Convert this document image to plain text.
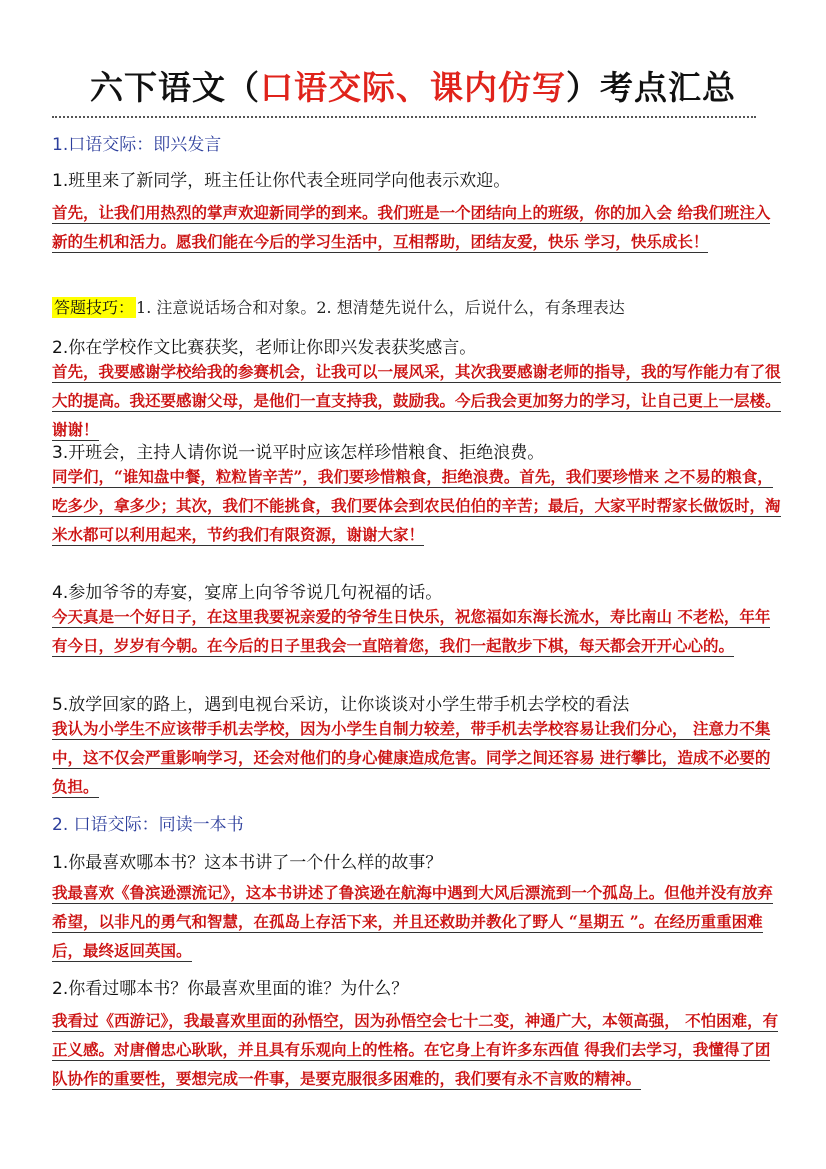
六下语文（口语交际、课内仿写）考点汇总
1.口语交际：即兴发言
1.班里来了新同学，班主任让你代表全班同学向他表示欢迎。
首先，让我们用热烈的掌声欢迎新同学的到来。我们班是一个团结向上的班级，你的加入会 给我们班注入新的生机和活力。愿我们能在今后的学习生活中，互相帮助，团结友爱，快乐 学习，快乐成长！
答题技巧： 1. 注意说话场合和对象。2. 想清楚先说什么，后说什么，有条理表达
2.你在学校作文比赛获奖，老师让你即兴发表获奖感言。
首先，我要感谢学校给我的参赛机会，让我可以一展风采，其次我要感谢老师的指导，我的写作能力有了很大的提高。我还要感谢父母，是他们一直支持我，鼓励我。今后我会更加努力的学习，让自己更上一层楼。谢谢！
3.开班会，主持人请你说一说平时应该怎样珍惜粮食、拒绝浪费。
同学们，“谁知盘中餐，粒粒皆辛苦”，我们要珍惜粮食，拒绝浪费。首先，我们要珍惜来 之不易的粮食，吃多少，拿多少；其次，我们不能挑食，我们要体会到农民伯伯的辛苦；最后，大家平时帮家长做饭时，淘米水都可以利用起来，节约我们有限资源，谢谢大家！
4.参加爷爷的寿宴，宴席上向爷爷说几句祝福的话。
今天真是一个好日子，在这里我要祝亲爱的爷爷生日快乐，祝您福如东海长流水，寿比南山 不老松，年年有今日，岁岁有今朝。在今后的日子里我会一直陪着您，我们一起散步下棋，每天都会开开心心的。
5.放学回家的路上，遇到电视台采访，让你谈谈对小学生带手机去学校的看法
我认为小学生不应该带手机去学校，因为小学生自制力较差，带手机去学校容易让我们分心， 注意力不集中，这不仅会严重影响学习，还会对他们的身心健康造成危害。同学之间还容易 进行攀比，造成不必要的负担。
2. 口语交际：同读一本书
1.你最喜欢哪本书？这本书讲了一个什么样的故事？
我最喜欢《鲁滨逊漂流记》，这本书讲述了鲁滨逊在航海中遇到大风后漂流到一个孤岛上。但他并没有放弃希望，以非凡的勇气和智慧，在孤岛上存活下来，并且还救助并教化了野人 “星期五 ”。在经历重重困难后，最终返回英国。
2.你看过哪本书？你最喜欢里面的谁？为什么？
我看过《西游记》，我最喜欢里面的孙悟空，因为孙悟空会七十二变，神通广大，本领高强， 不怕困难，有正义感。对唐僧忠心耿耿，并且具有乐观向上的性格。在它身上有许多东西值 得我们去学习，我懂得了团队协作的重要性，要想完成一件事，是要克服很多困难的，我们要有永不言败的精神。
